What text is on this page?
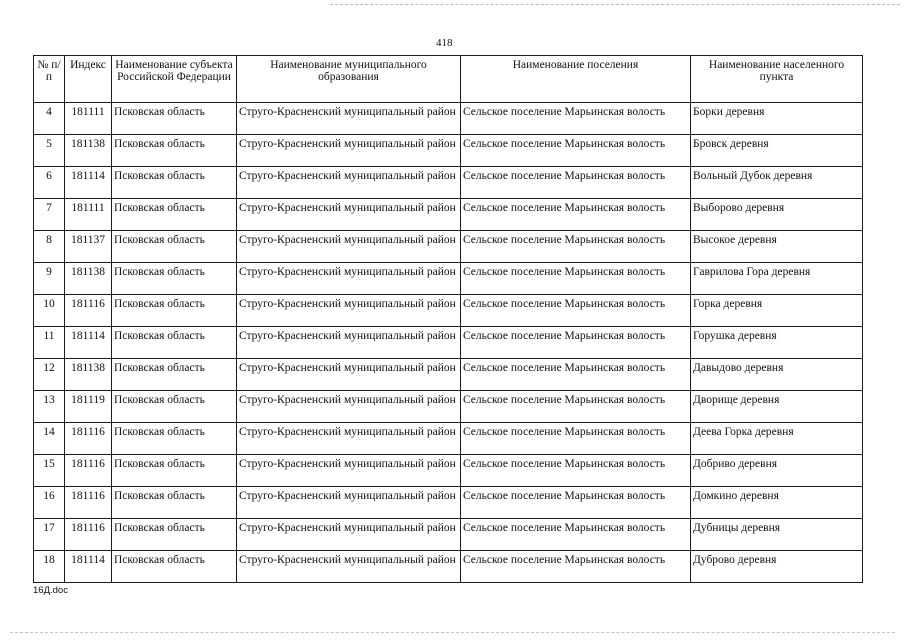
418
№ п/п	Индекс	Наименование субъекта Российской Федерации	Наименование муниципального образования	Наименование поселения	Наименование населенного пункта
4	181111	Псковская область	Струго-Красненский муниципальный район	Сельское поселение Марьинская волость	Борки деревня
5	181138	Псковская область	Струго-Красненский муниципальный район	Сельское поселение Марьинская волость	Бровск деревня
6	181114	Псковская область	Струго-Красненский муниципальный район	Сельское поселение Марьинская волость	Вольный Дубок деревня
7	181111	Псковская область	Струго-Красненский муниципальный район	Сельское поселение Марьинская волость	Выборово деревня
8	181137	Псковская область	Струго-Красненский муниципальный район	Сельское поселение Марьинская волость	Высокое деревня
9	181138	Псковская область	Струго-Красненский муниципальный район	Сельское поселение Марьинская волость	Гаврилова Гора деревня
10	181116	Псковская область	Струго-Красненский муниципальный район	Сельское поселение Марьинская волость	Горка деревня
11	181114	Псковская область	Струго-Красненский муниципальный район	Сельское поселение Марьинская волость	Горушка деревня
12	181138	Псковская область	Струго-Красненский муниципальный район	Сельское поселение Марьинская волость	Давыдово деревня
13	181119	Псковская область	Струго-Красненский муниципальный район	Сельское поселение Марьинская волость	Дворище деревня
14	181116	Псковская область	Струго-Красненский муниципальный район	Сельское поселение Марьинская волость	Деева Горка деревня
15	181116	Псковская область	Струго-Красненский муниципальный район	Сельское поселение Марьинская волость	Добриво деревня
16	181116	Псковская область	Струго-Красненский муниципальный район	Сельское поселение Марьинская волость	Домкино деревня
17	181116	Псковская область	Струго-Красненский муниципальный район	Сельское поселение Марьинская волость	Дубницы деревня
18	181114	Псковская область	Струго-Красненский муниципальный район	Сельское поселение Марьинская волость	Дуброво деревня
16Д.doc
